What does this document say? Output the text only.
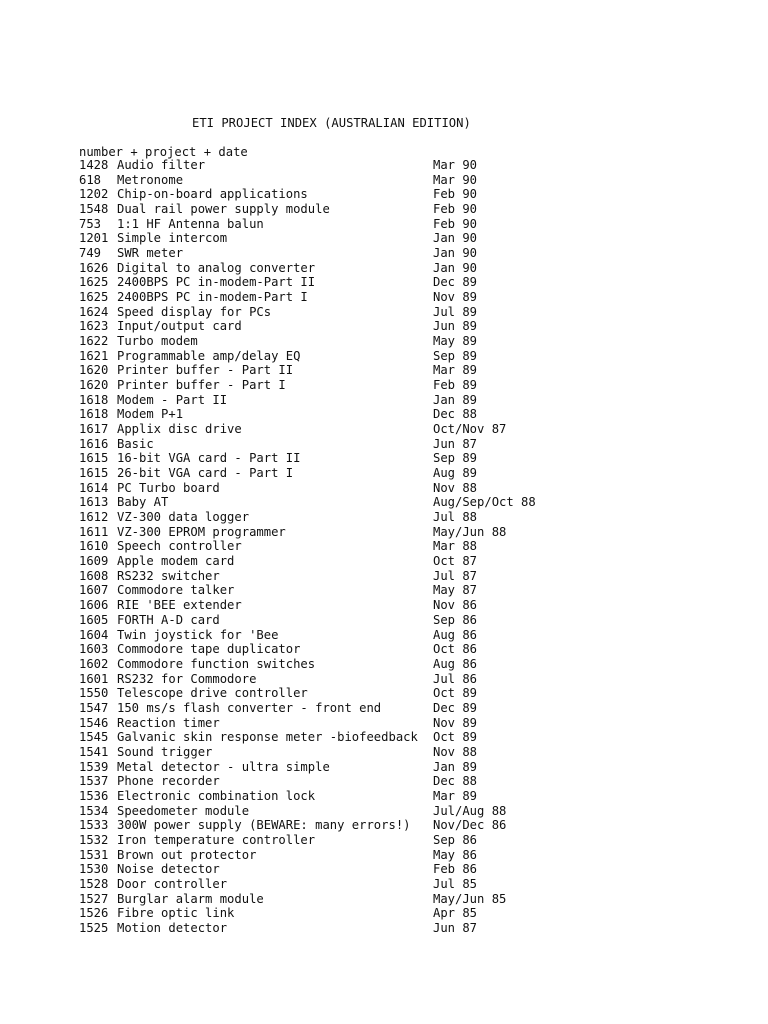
ETI PROJECT INDEX (AUSTRALIAN EDITION)
number + project + date
1428 Audio filter	Mar 90
618 Metronome	Mar 90
1202 Chip-on-board applications	Feb 90
1548 Dual rail power supply module	Feb 90
753 1:1 HF Antenna balun	Feb 90
1201 Simple intercom	Jan 90
749 SWR meter	Jan 90
1626 Digital to analog converter	Jan 90
1625 2400BPS PC in-modem-Part II	Dec 89
1625 2400BPS PC in-modem-Part I	Nov 89
1624 Speed display for PCs	Jul 89
1623 Input/output card	Jun 89
1622 Turbo modem	May 89
1621 Programmable amp/delay EQ	Sep 89
1620 Printer buffer - Part II	Mar 89
1620 Printer buffer - Part I	Feb 89
1618 Modem - Part II	Jan 89
1618 Modem P+1	Dec 88
1617 Applix disc drive	Oct/Nov 87
1616 Basic	Jun 87
1615 16-bit VGA card - Part II	Sep 89
1615 26-bit VGA card - Part I	Aug 89
1614 PC Turbo board	Nov 88
1613 Baby AT	Aug/Sep/Oct 88
1612 VZ-300 data logger	Jul 88
1611 VZ-300 EPROM programmer	May/Jun 88
1610 Speech controller	Mar 88
1609 Apple modem card	Oct 87
1608 RS232 switcher	Jul 87
1607 Commodore talker	May 87
1606 RIE 'BEE extender	Nov 86
1605 FORTH A-D card	Sep 86
1604 Twin joystick for 'Bee	Aug 86
1603 Commodore tape duplicator	Oct 86
1602 Commodore function switches	Aug 86
1601 RS232 for Commodore	Jul 86
1550 Telescope drive controller	Oct 89
1547 150 ms/s flash converter - front end	Dec 89
1546 Reaction timer	Nov 89
1545 Galvanic skin response meter -biofeedback Oct 89
1541 Sound trigger	Nov 88
1539 Metal detector - ultra simple	Jan 89
1537 Phone recorder	Dec 88
1536 Electronic combination lock	Mar 89
1534 Speedometer module	Jul/Aug 88
1533 300W power supply (BEWARE: many errors!) Nov/Dec 86
1532 Iron temperature controller	Sep 86
1531 Brown out protector	May 86
1530 Noise detector	Feb 86
1528 Door controller	Jul 85
1527 Burglar alarm module	May/Jun 85
1526 Fibre optic link	Apr 85
1525 Motion detector	Jun 87
